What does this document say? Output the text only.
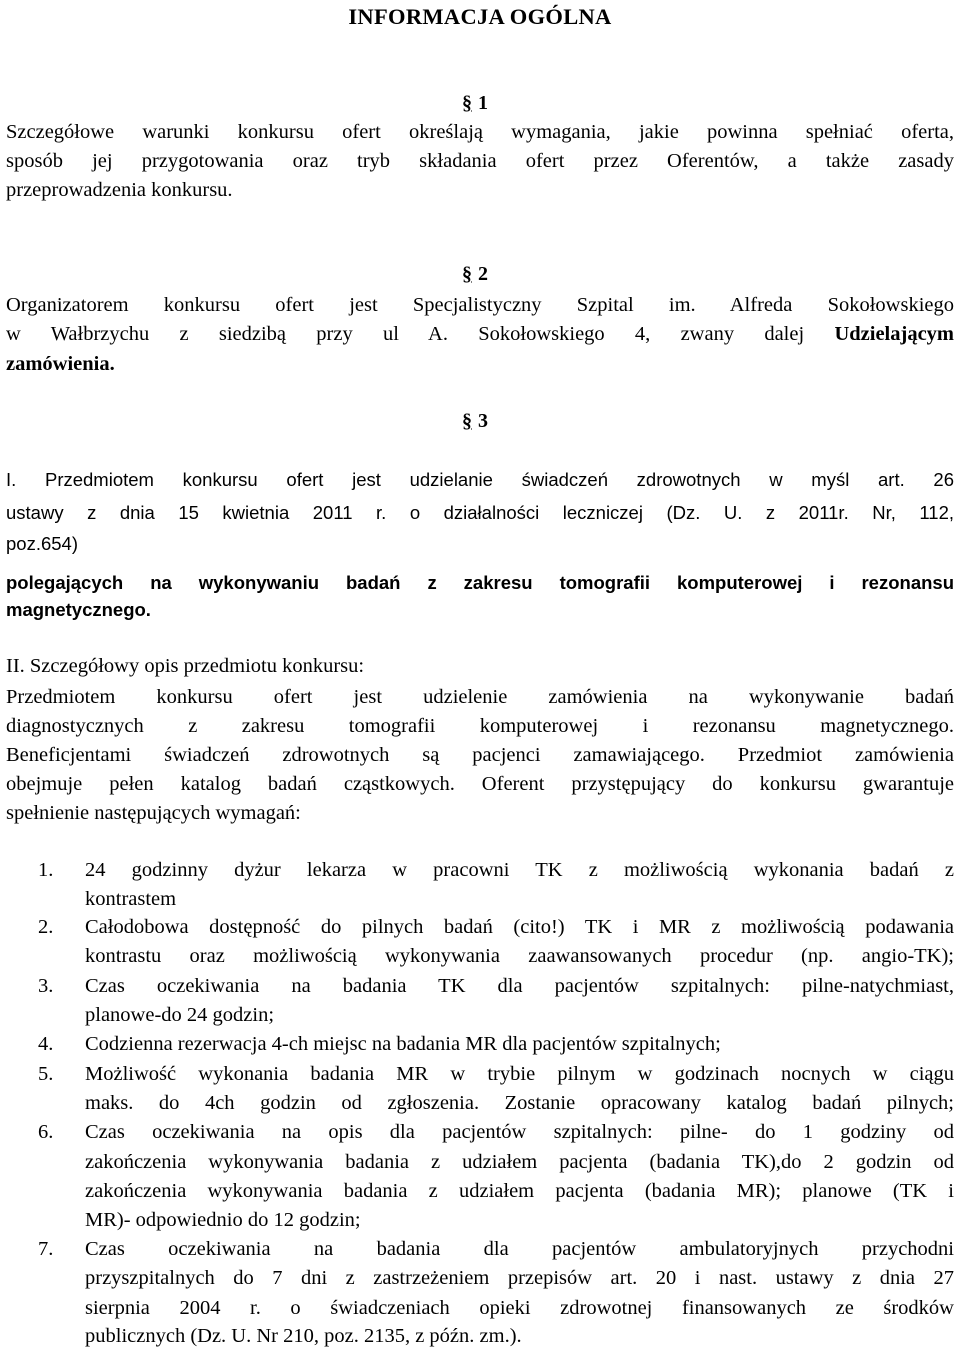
INFORMACJA OGÓLNA
§ 1
Szczegółowe warunki konkursu ofert określają wymagania, jakie powinna spełniać oferta,
sposób jej przygotowania oraz tryb składania ofert przez Oferentów, a także zasady
przeprowadzenia konkursu.
§ 2
Organizatorem konkursu ofert jest Specjalistyczny Szpital im. Alfreda Sokołowskiego
w Wałbrzychu z siedzibą przy ul A. Sokołowskiego 4, zwany dalej Udzielającym
zamówienia.
§ 3
I. Przedmiotem konkursu ofert jest udzielanie świadczeń zdrowotnych w myśl art. 26
ustawy z dnia 15 kwietnia 2011 r. o działalności leczniczej (Dz. U. z 2011r. Nr, 112,
poz.654)
polegających na wykonywaniu badań z zakresu tomografii komputerowej i rezonansu
magnetycznego.
II. Szczegółowy opis przedmiotu konkursu:
Przedmiotem konkursu ofert jest udzielenie zamówienia na wykonywanie badań
diagnostycznych z zakresu tomografii komputerowej i rezonansu magnetycznego.
Beneficjentami świadczeń zdrowotnych są pacjenci zamawiającego. Przedmiot zamówienia
obejmuje pełen katalog badań cząstkowych. Oferent przystępujący do konkursu gwarantuje
spełnienie następujących wymagań:
1. 24 godzinny dyżur lekarza w pracowni TK z możliwością wykonania badań z
kontrastem
2. Całodobowa dostępność do pilnych badań (cito!) TK i MR z możliwością podawania
kontrastu oraz możliwością wykonywania zaawansowanych procedur (np. angio-TK);
3. Czas oczekiwania na badania TK dla pacjentów szpitalnych: pilne-natychmiast,
planowe-do 24 godzin;
4. Codzienna rezerwacja 4-ch miejsc na badania MR dla pacjentów szpitalnych;
5. Możliwość wykonania badania MR w trybie pilnym w godzinach nocnych w ciągu
maks. do 4ch godzin od zgłoszenia. Zostanie opracowany katalog badań pilnych;
6. Czas oczekiwania na opis dla pacjentów szpitalnych: pilne- do 1 godziny od
zakończenia wykonywania badania z udziałem pacjenta (badania TK),do 2 godzin od
zakończenia wykonywania badania z udziałem pacjenta (badania MR); planowe (TK i
MR)- odpowiednio do 12 godzin;
7. Czas oczekiwania na badania dla pacjentów ambulatoryjnych przychodni
przyszpitalnych do 7 dni z zastrzeżeniem przepisów art. 20 i nast. ustawy z dnia 27
sierpnia 2004 r. o świadczeniach opieki zdrowotnej finansowanych ze środków
publicznych (Dz. U. Nr 210, poz. 2135, z późn. zm.).
